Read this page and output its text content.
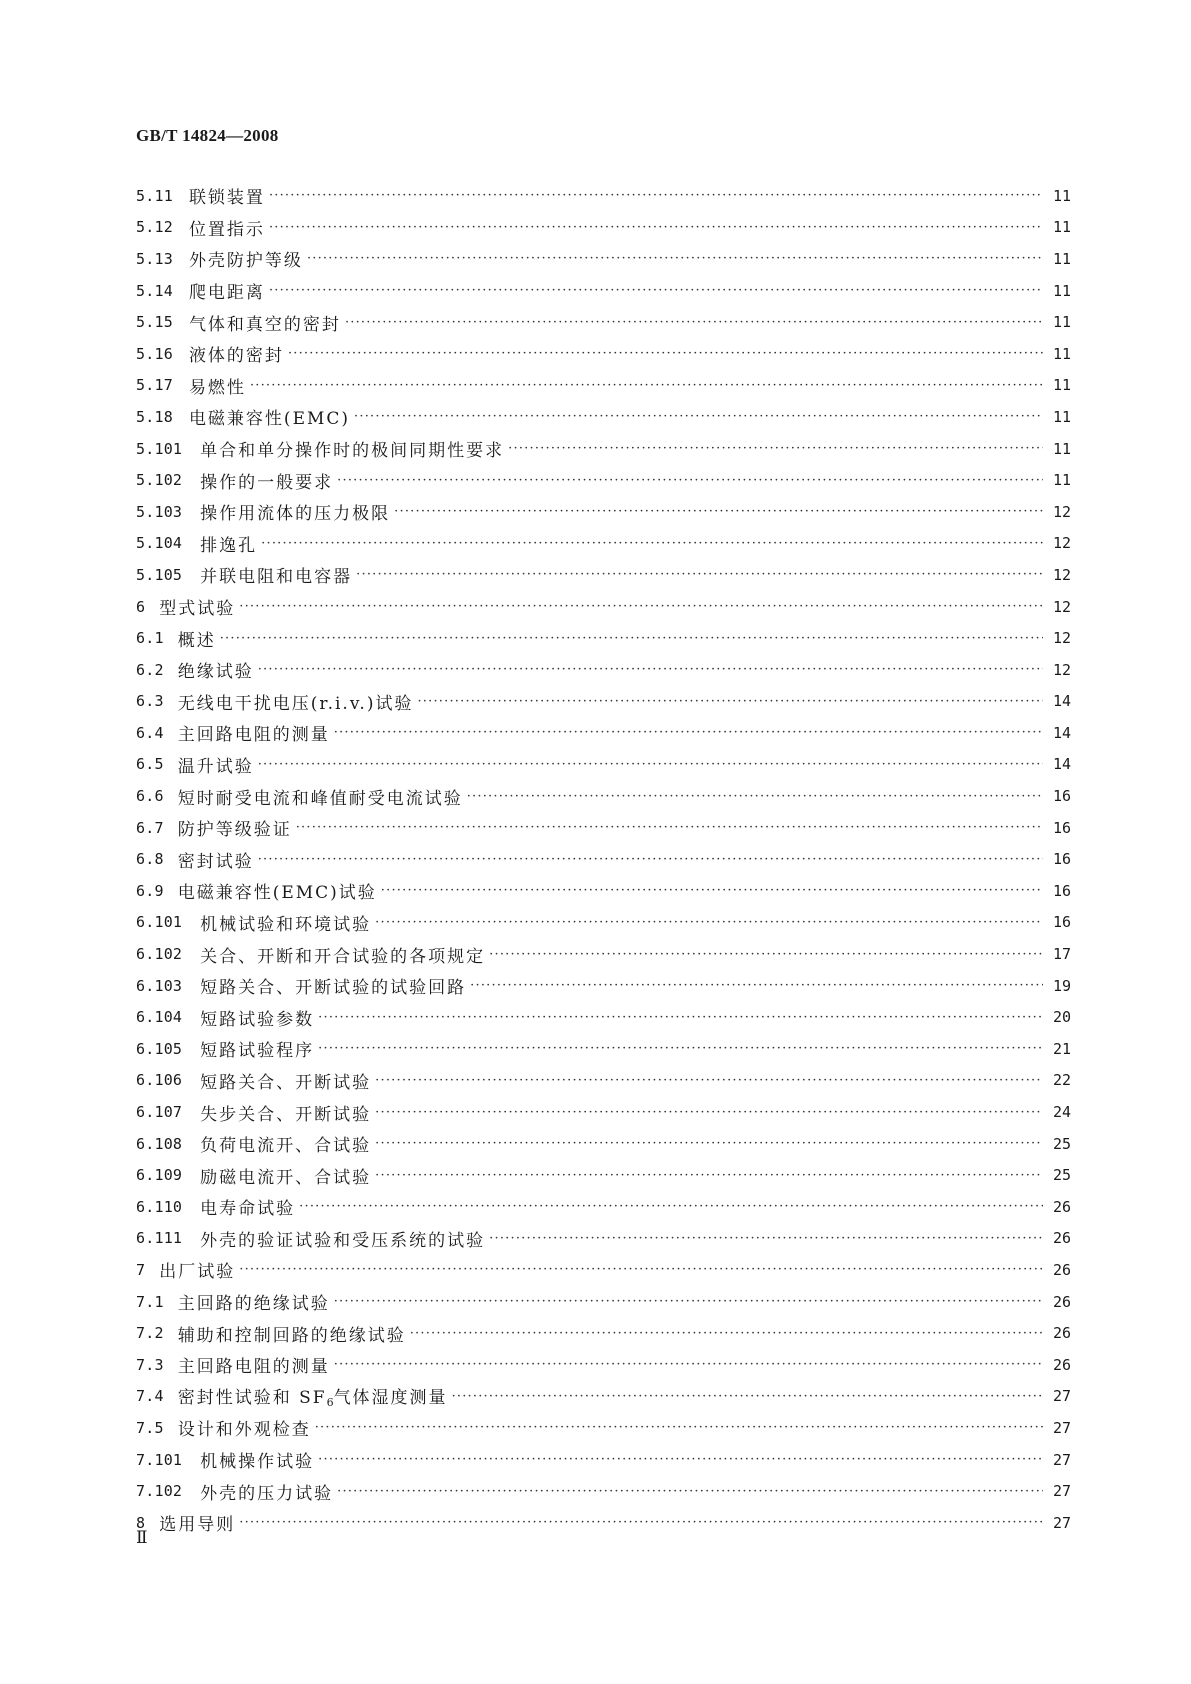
GB/T 14824—2008
5.11 联锁装置 ·····	11
5.12 位置指示 ·····	11
5.13 外壳防护等级 ·····	11
5.14 爬电距离 ·····	11
5.15 气体和真空的密封 ·····	11
5.16 液体的密封 ·····	11
5.17 易燃性 ·····	11
5.18 电磁兼容性(EMC) ·····	11
5.101 单合和单分操作时的极间同期性要求 ·····	11
5.102 操作的一般要求 ·····	11
5.103 操作用流体的压力极限 ·····	12
5.104 排逸孔 ·····	12
5.105 并联电阻和电容器 ·····	12
6 型式试验 ·····	12
6.1 概述 ·····	12
6.2 绝缘试验 ·····	12
6.3 无线电干扰电压(r.i.v.)试验 ·····	14
6.4 主回路电阻的测量 ·····	14
6.5 温升试验 ·····	14
6.6 短时耐受电流和峰值耐受电流试验 ·····	16
6.7 防护等级验证 ·····	16
6.8 密封试验 ·····	16
6.9 电磁兼容性(EMC)试验 ·····	16
6.101 机械试验和环境试验 ·····	16
6.102 关合、开断和开合试验的各项规定 ·····	17
6.103 短路关合、开断试验的试验回路 ·····	19
6.104 短路试验参数 ·····	20
6.105 短路试验程序 ·····	21
6.106 短路关合、开断试验 ·····	22
6.107 失步关合、开断试验 ·····	24
6.108 负荷电流开、合试验 ·····	25
6.109 励磁电流开、合试验 ·····	25
6.110 电寿命试验 ·····	26
6.111 外壳的验证试验和受压系统的试验 ·····	26
7 出厂试验 ·····	26
7.1 主回路的绝缘试验 ·····	26
7.2 辅助和控制回路的绝缘试验 ·····	26
7.3 主回路电阻的测量 ·····	26
7.4 密封性试验和 $SF_6$气体湿度测量 ·····	27
7.5 设计和外观检查 ·····	27
7.101 机械操作试验 ·····	27
7.102 外壳的压力试验 ·····	27
8 选用导则 ·····	27
Ⅱ
